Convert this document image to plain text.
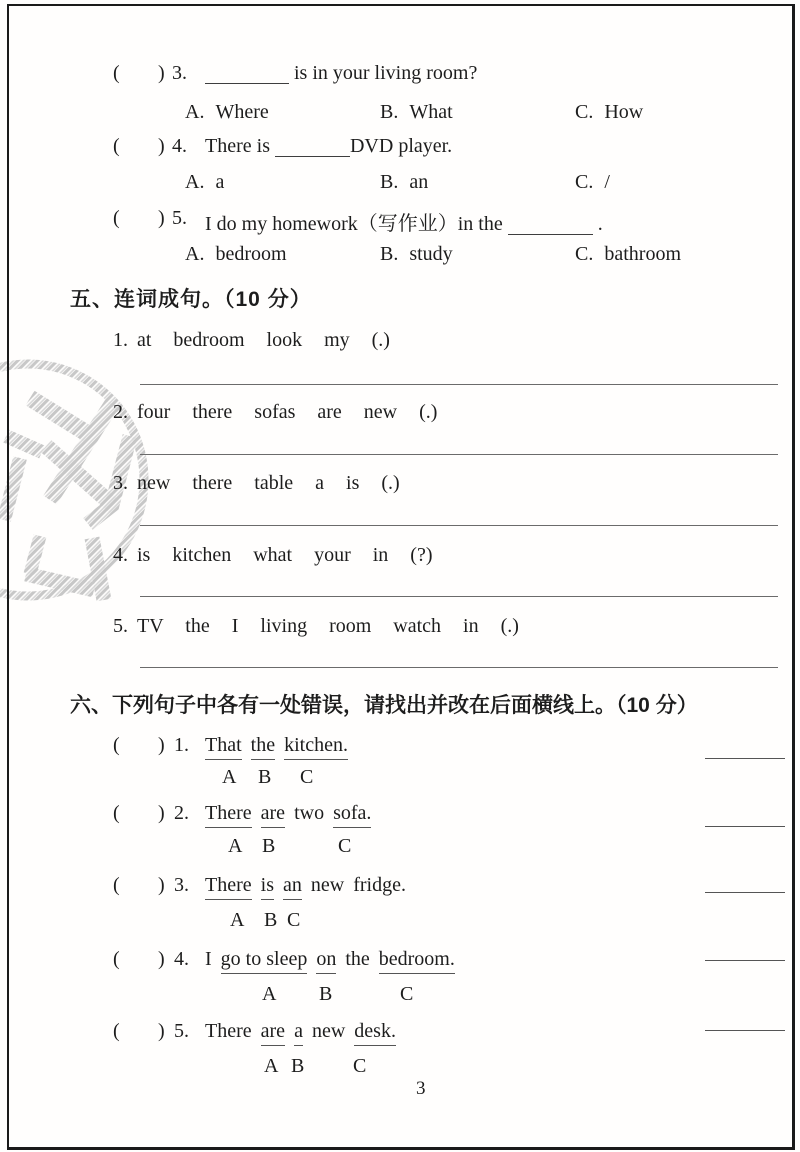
( ) 3.	is in your living room?
A. Where	B. What	C. How
( ) 4. There is	DVD player.
A. a	B. an	C. /
( ) 5. I do my homework（写作业）in the	.
A. bedroom	B. study	C. bathroom
五、连词成句。（10 分）
1. at bedroom look my (.)
2. four there sofas are new (.)
3. new there table a is (.)
4. is kitchen what your in (?)
5. TV the I living room watch in (.)
六、下列句子中各有一处错误，请找出并改在后面横线上。（10 分）
( ) 1. That the kitchen.
A B C
( ) 2. There are two sofa.
A B	C
( ) 3. There is an new fridge.
A B C
( ) 4. I go to sleep on the bedroom.
A B	C
( ) 5. There are a new desk.
A B C
3
